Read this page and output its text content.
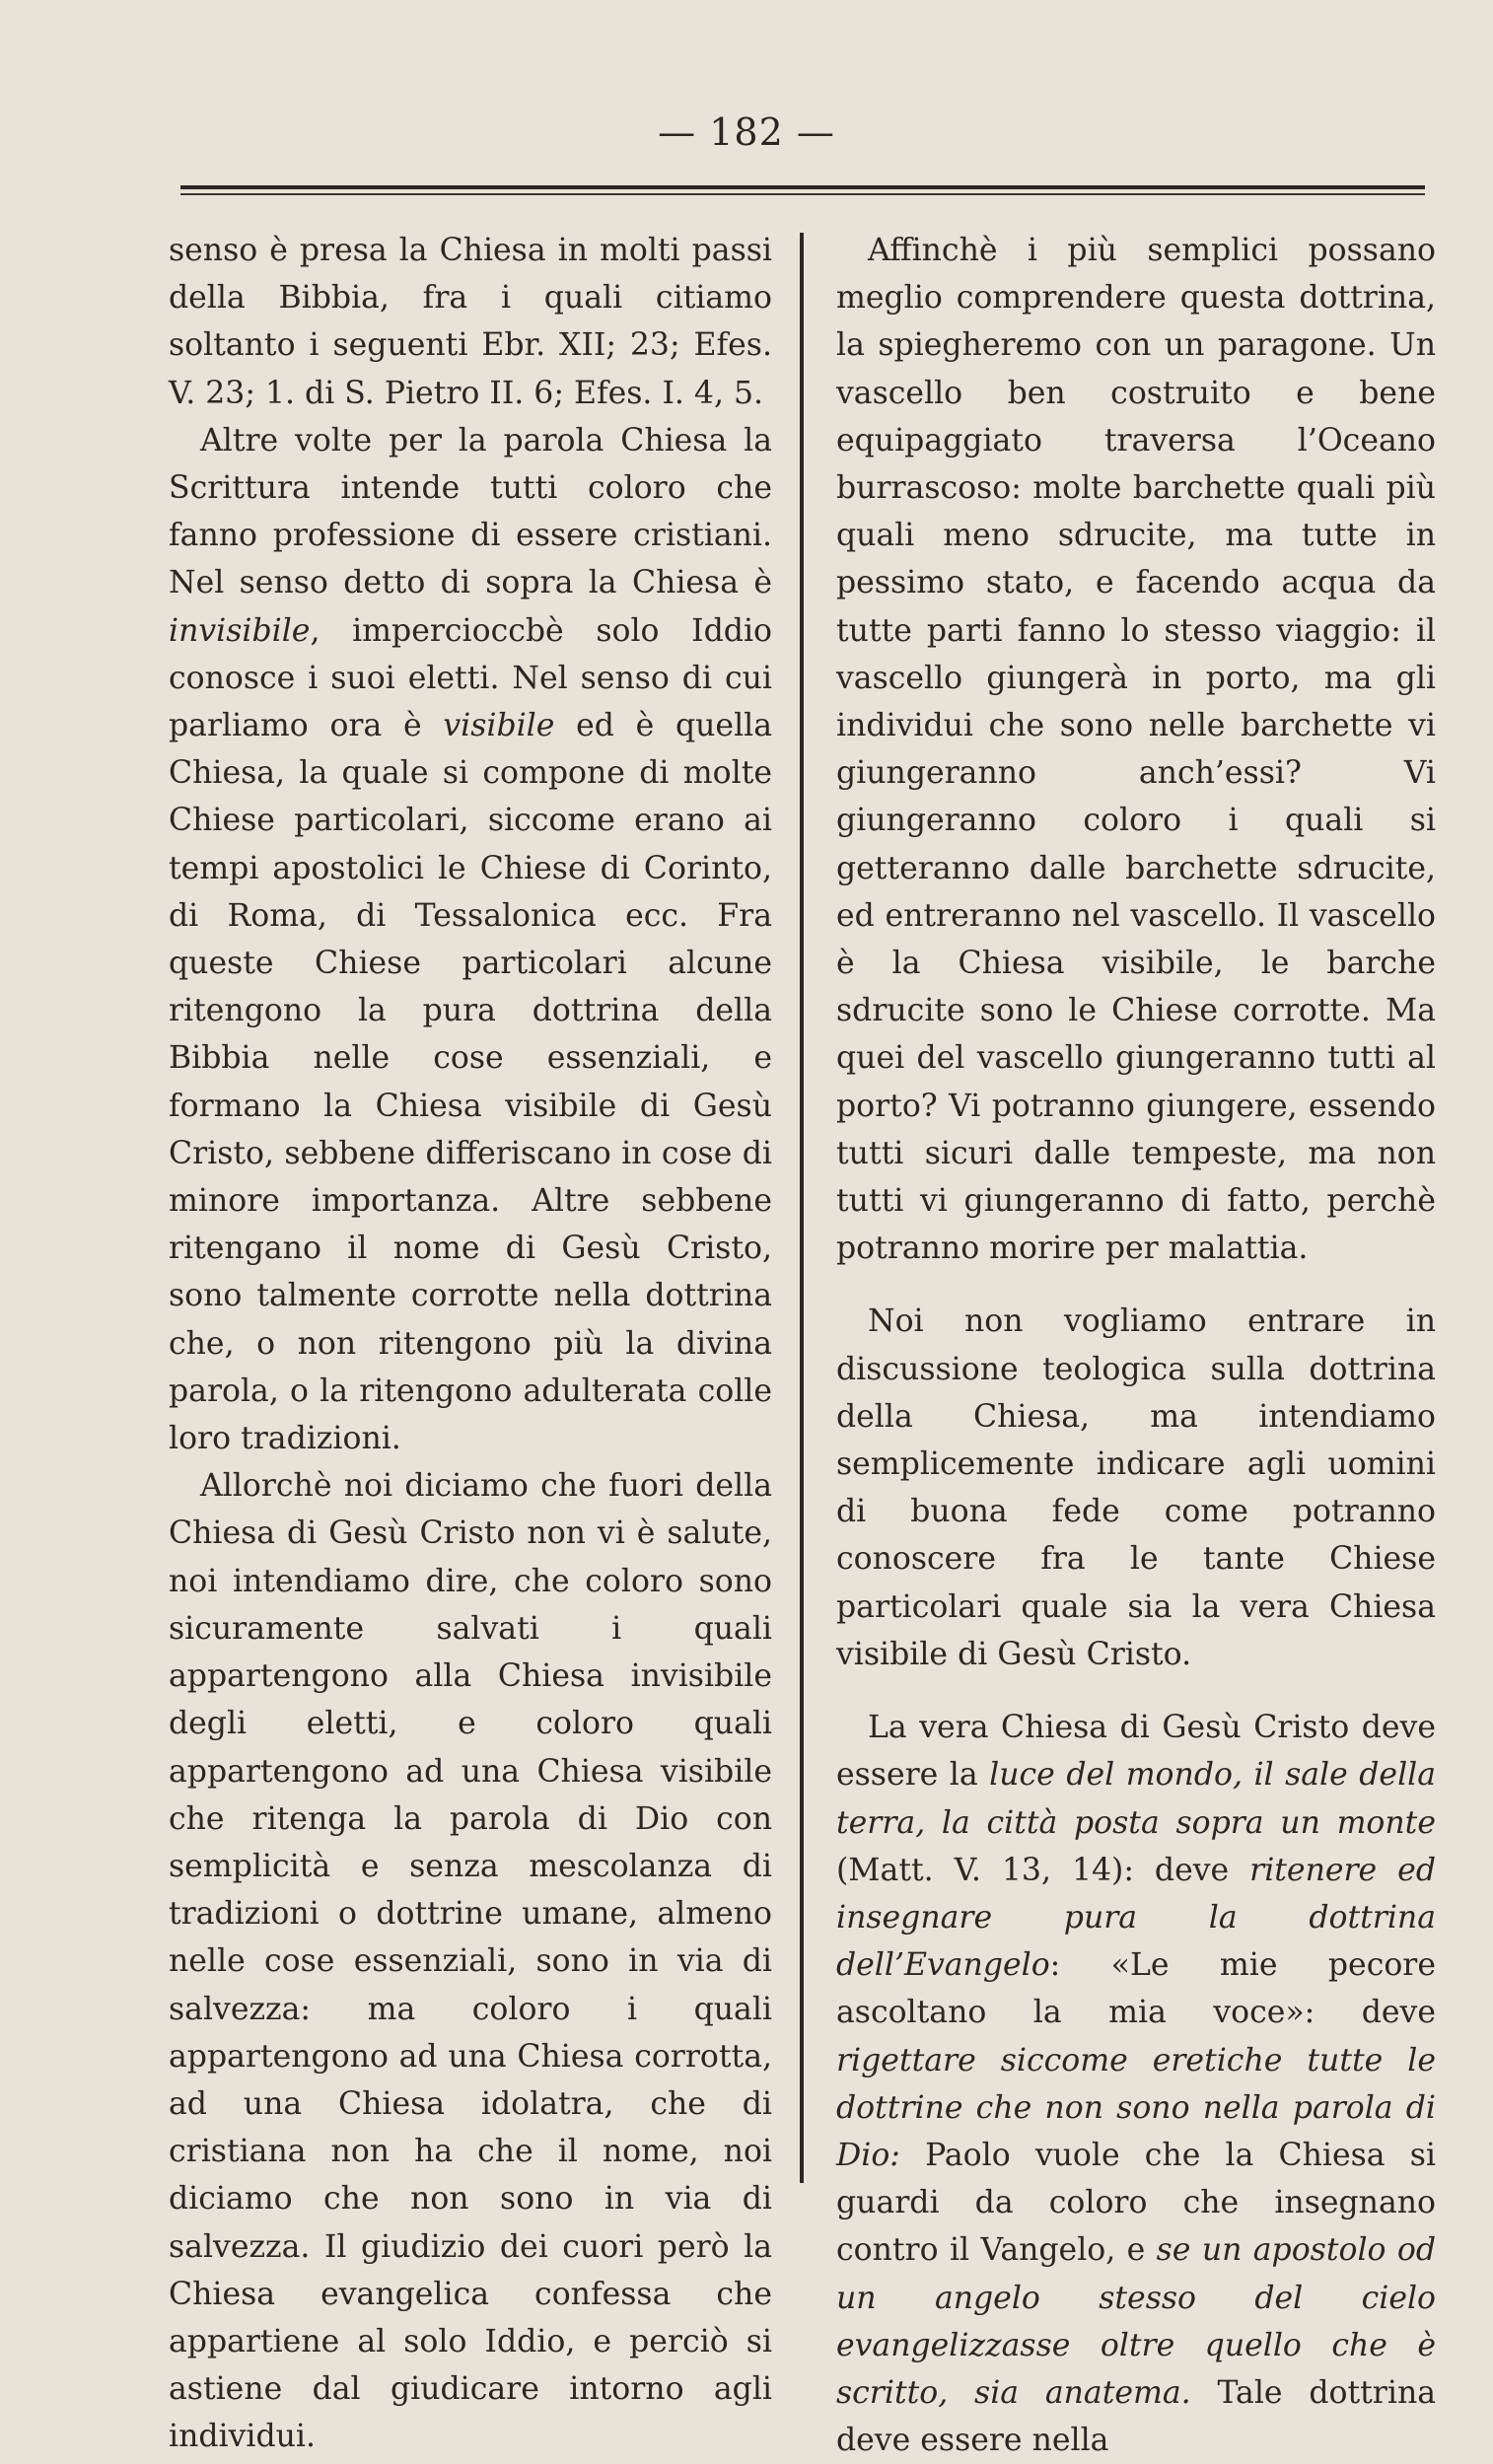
— 182 —

senso è presa la Chiesa in molti passi della Bibbia, fra i quali citiamo soltanto i seguenti Ebr. XII; 23; Efes. V. 23; 1. di S. Pietro II. 6; Efes. I. 4, 5.

Altre volte per la parola Chiesa la Scrittura intende tutti coloro che fanno professione di essere cristiani. Nel senso detto di sopra la Chiesa è invisibile, impercioccbè solo Iddio conosce i suoi eletti. Nel senso di cui parliamo ora è visibile ed è quella Chiesa, la quale si compone di molte Chiese particolari, siccome erano ai tempi apostolici le Chiese di Corinto, di Roma, di Tessalonica ecc. Fra queste Chiese particolari alcune ritengono la pura dottrina della Bibbia nelle cose essenziali, e formano la Chiesa visibile di Gesù Cristo, sebbene differiscano in cose di minore importanza. Altre sebbene ritengano il nome di Gesù Cristo, sono talmente corrotte nella dottrina che, o non ritengono più la divina parola, o la ritengono adulterata colle loro tradizioni.

Allorchè noi diciamo che fuori della Chiesa di Gesù Cristo non vi è salute, noi intendiamo dire, che coloro sono sicuramente salvati i quali appartengono alla Chiesa invisibile degli eletti, e coloro quali appartengono ad una Chiesa visibile che ritenga la parola di Dio con semplicità e senza mescolanza di tradizioni o dottrine umane, almeno nelle cose essenziali, sono in via di salvezza: ma coloro i quali appartengono ad una Chiesa corrotta, ad una Chiesa idolatra, che di cristiana non ha che il nome, noi diciamo che non sono in via di salvezza. Il giudizio dei cuori però la Chiesa evangelica confessa che appartiene al solo Iddio, e perciò si astiene dal giudicare intorno agli individui.

Affinchè i più semplici possano meglio comprendere questa dottrina, la spiegheremo con un paragone. Un vascello ben costruito e bene equipaggiato traversa l’Oceano burrascoso: molte barchette quali più quali meno sdrucite, ma tutte in pessimo stato, e facendo acqua da tutte parti fanno lo stesso viaggio: il vascello giungerà in porto, ma gli individui che sono nelle barchette vi giungeranno anch’essi? Vi giungeranno coloro i quali si getteranno dalle barchette sdrucite, ed entreranno nel vascello. Il vascello è la Chiesa visibile, le barche sdrucite sono le Chiese corrotte. Ma quei del vascello giungeranno tutti al porto? Vi potranno giungere, essendo tutti sicuri dalle tempeste, ma non tutti vi giungeranno di fatto, perchè potranno morire per malattia.

Noi non vogliamo entrare in discussione teologica sulla dottrina della Chiesa, ma intendiamo semplicemente indicare agli uomini di buona fede come potranno conoscere fra le tante Chiese particolari quale sia la vera Chiesa visibile di Gesù Cristo.

La vera Chiesa di Gesù Cristo deve essere la luce del mondo, il sale della terra, la città posta sopra un monte (Matt. V. 13, 14): deve ritenere ed insegnare pura la dottrina dell’Evangelo: «Le mie pecore ascoltano la mia voce»: deve rigettare siccome eretiche tutte le dottrine che non sono nella parola di Dio: Paolo vuole che la Chiesa si guardi da coloro che insegnano contro il Vangelo, e se un apostolo od un angelo stesso del cielo evangelizzasse oltre quello che è scritto, sia anatema. Tale dottrina deve essere nella
